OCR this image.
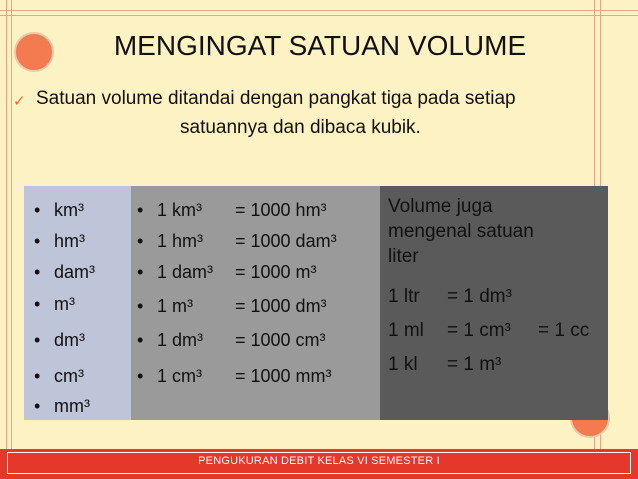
MENGINGAT SATUAN VOLUME
✓ Satuan volume ditandai dengan pangkat tiga pada setiap
satuannya dan dibaca kubik.
• km³
• hm³
• dam³
• m³
• dm³
• cm³
• mm³
• 1 km³ = 1000 hm³
• 1 hm³ = 1000 dam³
• 1 dam³ = 1000 m³
• 1 m³ = 1000 dm³
• 1 dm³ = 1000 cm³
• 1 cm³ = 1000 mm³
Volume juga
mengenal satuan
liter
1 ltr = 1 dm³
1 ml = 1 cm³ = 1 cc
1 kl = 1 m³
PENGUKURAN DEBIT KELAS VI SEMESTER I
